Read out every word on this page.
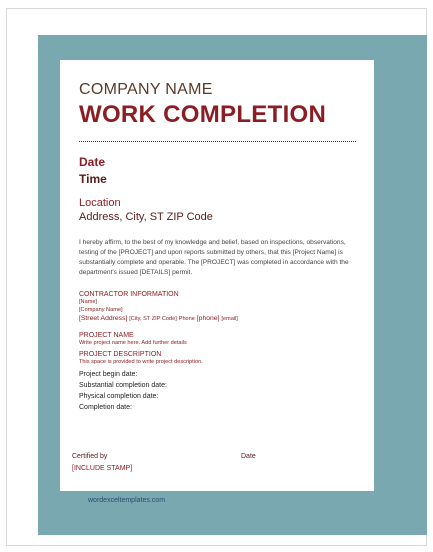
COMPANY NAME
WORK COMPLETION
Date
Time
Location
Address, City, ST ZIP Code
I hereby affirm, to the best of my knowledge and belief, based on inspections, observations, testing of the [PROJECT] and upon reports submitted by others, that this [Project Name] is substantially complete and operable. The [PROJECT] was completed in accordance with the department's issued [DETAILS] permit.
CONTRACTOR INFORMATION
[Name]
[Company Name]
[Street Address] [City, ST ZIP Code] Phone [phone] [email]
PROJECT NAME
Write project name here. Add further details
PROJECT DESCRIPTION
This space is provided to write project description.
Project begin date:
Substantial completion date:
Physical completion date:
Completion date:
Certified by
[INCLUDE STAMP]
Date
wordexceltemplates.com
